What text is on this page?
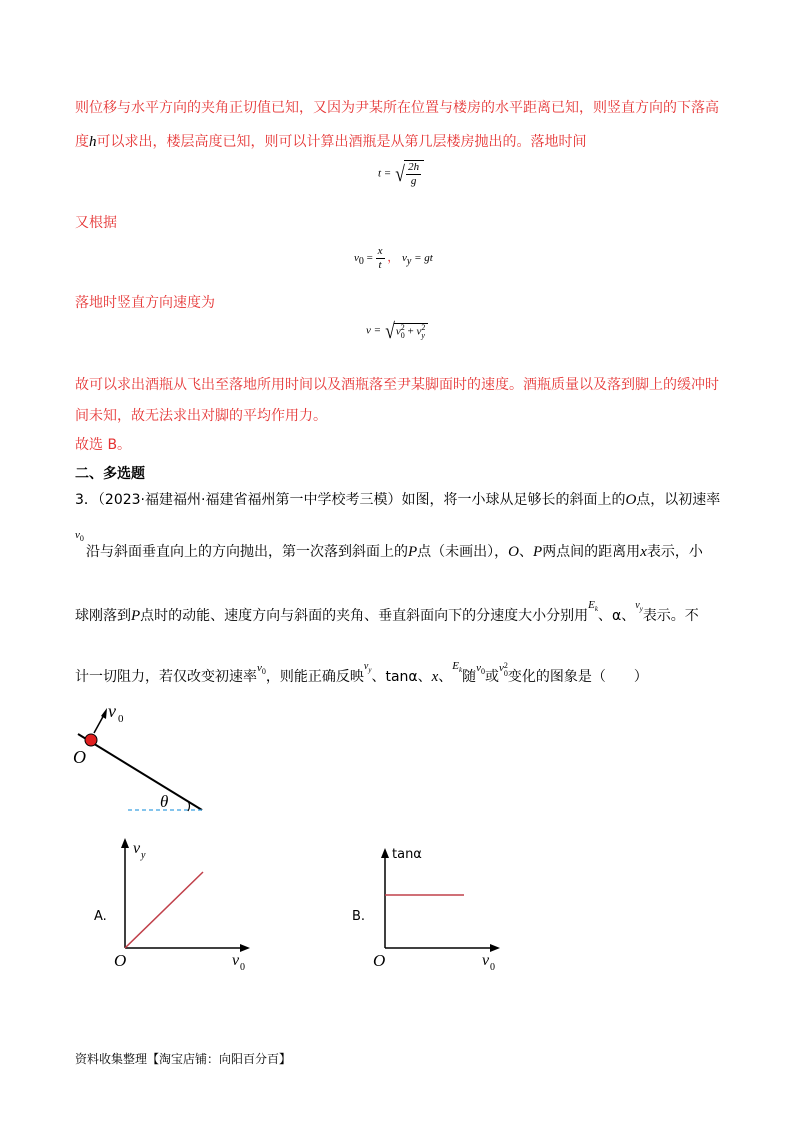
则位移与水平方向的夹角正切值已知，又因为尹某所在位置与楼房的水平距离已知，则竖直方向的下落高
度h可以求出，楼层高度已知，则可以计算出酒瓶是从第几层楼房抛出的。落地时间
t = √ $\frac{2h}{g}$
又根据
$v_0 = \frac{x}{t}$ ， $v_y$ = gt
落地时竖直方向速度为
v = √v 2
0 + v 2
y
故可以求出酒瓶从飞出至落地所用时间以及酒瓶落至尹某脚面时的速度。酒瓶质量以及落到脚上的缓冲时
间未知，故无法求出对脚的平均作用力。
故选 B。
二、多选题
3．（2023·福建福州·福建省福州第一中学校考三模）如图，将一小球从足够长的斜面上的O点，以初速率
$v_0$
沿与斜面垂直向上的方向抛出，第一次落到斜面上的P点（未画出），O、P两点间的距离用x表示，小
球刚落到P点时的动能、速度方向与斜面的夹角、垂直斜面向下的分速度大小分别用$^{E_k}$、α、$^{v_y}$表示。不
计一切阻力，若仅改变初速率$^{v_0}$，则能正确反映$^{v_y}$、tanα、x、$^{E_k}$随$^{v_0}$或
v 2
0 变化的图象是（　　）
v 0
O
θ
A.
v y
O	v 0
B.
tanα
O	v 0
资料收集整理【淘宝店铺：向阳百分百】
